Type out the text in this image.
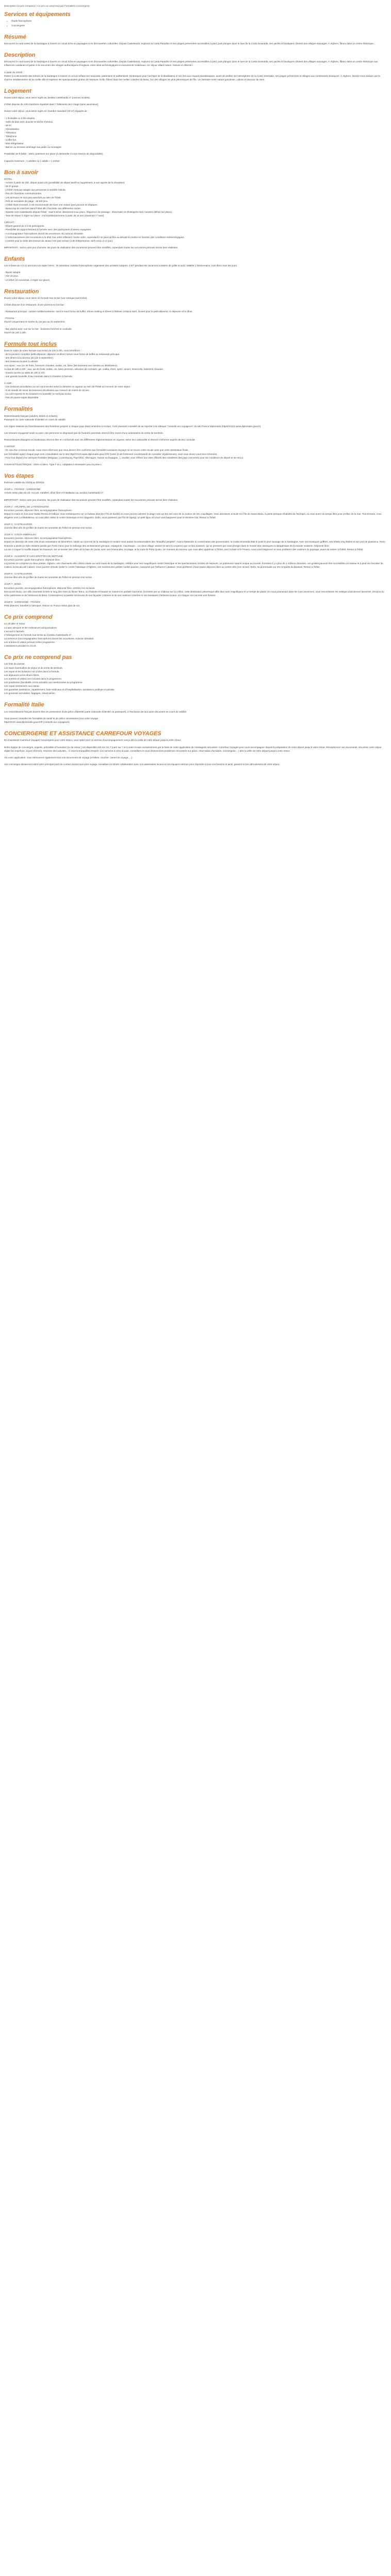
Description Ce prix comprend / Ce prix ne comprend pas Formalités Conciergerie
Services et équipements
• Guide francophone
• Conciergerie
Résumé

Découvrez le nord-ouest de la Sardaigne à travers un circuit riche en paysages et en découvertes culturelles. Depuis Castelsardo, explorez la Costa Paradiso et ses plages préservées accessibles à pied, puis plongez dans le luxe de la Costa Smeralda, ses yachts et boutiques côtoient des villages sauvages. À Alghero, flânez dans un centre historique...

Description

Découvrez le nord-ouest de la Sardaigne à travers un circuit riche en paysages et en découvertes culturelles. Depuis Castelsardo, explorez la Costa Paradiso et ses plages préservées accessibles à pied, puis plongez dans le luxe de la Costa Smeralda, ses yachts et boutiques côtoient des villages sauvages. À Alghero, flânez dans un centre historique aux influences catalanes et partez à la rencontre des villages authentiques d'Anglona, entre sites archéologiques et monuments médiévaux. Un séjour alliant nature, histoire et détente !

À partir du 1/5/26 :

Partez à la découverte des trésors de la Sardaigne à travers ce circuit mêlant mer turquoise, patrimoine et authenticité. Embarquez pour l'archipel de la Maddalena et ses îles aux criques paradisiaques, avant de profiter de l'atmosphère de la Costa Smeralda, ses plages préservées et villages aux nombreuses boutiques. À Alghero, laissez-vous séduire par le charme méditerranéen de sa vieille ville et explorez les spectaculaires grottes de Neptune. Enfin, flânez dans les ruelles colorées de Bosa, l'un des villages les plus pittoresques de l'île. Un itinéraire entre nature grandiose, culture et douceur de vivre.

Logement

Durant votre séjour, vous serez logés au Juniska Castelsardo 4* (normes locales).

L'hôtel dispose de 135 chambres réparties dans 7 bâtiments de 1 étage (sans ascenseur).

Durant votre séjour, vous serez logés en chambre standard (30 m²) équipée de :

- 1 lit double ou 2 lits simples.

- Salle de bain avec douche et sèche-cheveux.

- Wi-Fi

- Climatisation

- Télévision

- Téléphone

- Coffre-fort

- Mini-réfrigérateur

- Balcon ou terrasse aménagé vue jardin ou montagne

Possibilité de lit bébé : 10€/J, paiement sur place (à demander à vous réserve de disponibilité).

Capacité maximum : 2 adultes ou 1 adulte + 1 enfant

Bon à savoir

HOTEL :

- Arrivée à partir de 15h, départ avant 11h (possibilité de départ tardif en supplément, à voir auprès de la réception).

- Wi-Fi gratuit

- L'hôtel n'est pas adapté aux personnes à mobilité réduite.

- Pas de chambres communicantes.

- Les animaux ne sont pas autorisés au sein de l'hôtel.

- Prêt de serviettes de plage : 25 €/8 (env.

- L'hôtel étant excentré, il est recommandé de louer une voiture pour pouvoir se déplacer.

- Beaucoup de marches dans l'hôtel afin d'accéder aux différentes zones.

- Navette vers Castelsardo depuis l'hôtel : Sauf 5 €/vol. directement sur place, fréquence de passage : 2fois/matin et 2fois/après-midi, horaires définis sur place).

- Taxe de séjour à régler sur place : 2 €/J/adulte/personne à partir de 14 ans (maximum 7 nuits).

CIRCUIT :

- Départ garanti de 2 à 50 participants.

- Possibilité de rapprochement à l'arrivée avec des participants d'autres voyagistes.

- Accompagnateur francophone durant les excursions. En autocar climatisé.

- L'ordonnancement des excursions a le droit (sur votre réflexion) l'autre ordre, cependant il ne peut qu'être au dénoté la routine en fonction des conditions météorologiques.

- L'entrée pour la visite des Domus de Janas n'est pas incluse (2,50 €/8/personne, tarif connu à ce jour).

IMPORTANT : Selon votre jour d'arrivée, les jours de réalisation des excursions peuvent être modifiés, cependant toutes les excursions prévues seront bien réalisées.

Enfants

Les enfants de 4 à 12 ans sont vos super héros ; ils animateur Juniska Francophone organisent des activités ludiques, à 6/7 pendant les vacances scolaires de juillet et août. Valable 1 fois/semaine, mini-disco tous les jours.

- Bavoir adapté.

- Aire de jeux.

- Lit bébé (10 euros/nuit, à régler sur place).

Restauration

Durant votre séjour, vous serez en formule tout inclus (voir rubrique tout inclus).

L'hôtel dispose d'un restaurant, d'une pizzeria et d'un bar :

- Restaurant principal : cuisine méditerranéenne, servi le sous forme de buffet. Show-cooking et dîners à thèmes certains soirs. Ouvert pour le petit-déjeuner, le déjeuner et le dîner.

- Pizzeria :

Ouvert uniquement en soirée du 1er juin au 15 septembre.

- Bar piscine avec vue sur la mer : boissons fraîches et cocktails.

Ouvert de 10h à 23h.

Formule tout inclus

Dans le cadre de votre formule tout inclus de 10h à 23h, vous bénéficiez :

- de la pension complète (petit-déjeuner, déjeuner et dîner) servie sous forme de buffet au restaurant principal.

- des dîners à la pizzeria (de juin à septembre).

- des boissons locales à volonté.

Aux repas : eau (un de fruits, boissons chaudes, sodas, vin, bière (les boissons sont servies au distributeur).

Au bar de 10h à 23h : eau, jus de fruits, sodas, vin, bière pression, sélection de cocktails, gin, vodka, rhum, spritz, amaro, limoncello, boissons chaudes.

- snacks sucrés ou salés de 16h à 17h.

- une grande bouteille d'eau minérale dans la chambre à l'arrivée.

À noter :

- Les boissons alcoolisées ou non sont servies selon la dernière en vigueur au sein de l'hôtel au moment de votre séjour.

- Il est interdit de servir les boissons alcoolisées aux mineurs de moins de 18 ans.

- La coût express et les boissons en bouteille ne sont pas inclus.

- Pas de panier-repas disponible.

Formalités

Ressortissants français (adultes, bébés et enfants) :

Passeport ou carte nationale d'identité en cours de validité.

Les règles relatives au franchissement des frontières propres à chaque pays étant amenées à évoluer, il est vivement conseillé de se reporter à la rubrique "conseils aux voyageurs" du site France Diplomatie,(https//XXXX.www.diplomatie.gouv.fr)

Les mineurs voyageant seuls ou avec une personne ne disposant pas de l'autorité parentale devront être munis d'une autorisation de sortie de territoire.

Ressortissants étrangers et binationaux devront être en conformité avec les différentes réglementations en vigueur, selon leur nationalité et devront s'informer auprès de leur consulat.

À NOTER

- En cas d'un vol sous escale, nous vous informons que vous devrez être conforme aux formalités sanitaires du pays où se trouve votre escale ainsi que votre destination finale.

Les formalités ayant chaque pays sont consultables sur le site http//XXXX.www.diplomatie.gouv.fr/fr/ Carte/ (Il est fortement recommandé de consulter régulièrement, vous vous devez vous tenir informés).

- Pour tout départ d'un aéroport frontalier (Belgique, Luxembourg, Pays-Bas, Allemagne, Suisse ou Espagne...), veuillez vous référer aux sites officiels des ministères des pays concernés pour les conditions de départ et de retour.

COURANT ÉLECTRIQUE : 230V et 50Hz. Type F et L. Adaptateur nécessaire pour la prise L.

Vos étapes

Itinéraire valable du 1/5/26 au 30/9/26

JOUR 1 : FRANCE - SARDAIGNE

Arrivée selon plan de vol. Accueil, transfert, dîner libre et installation au Juniska Castelsardo 4*.

IMPORTANT : Selon votre jour d'arrivée, les jours de réalisation des excursions peuvent être modifiés, cependant toutes les excursions prévues seront bien réalisées.

JOUR 2 : ARCHIPEL DE LA MADDALENA

Excursion journée, déjeuner libre, accompagnateur francophone.

Départ le matin en bus pour Santa Teresa di Gallura. Vous embarquerez sur un bateau direction l'île de Budelli où vous pourrez admirer la plage rose qui tire son nom de la couleur de ses coquillages. Vous aborderez ensuite sur l'île de Santa Maria, la perle presque inhabitée de l'archipel, où vous aurez du temps libre pour profiter de la mer. Tout Ensuite, vous dirigerez vers La Maddalena, où vous allez visiter le centre historique et les magasins. Enfin, vous passerez par l'île de Spargi, un petit bijou où vous vous baignerez pour le dernière fois. Retour à l'hôtel.

JOUR 3 : CASTELSARDO

Journée libre afin de profiter de toutes les aménités de l'hôtel en pension tout inclus.

JOUR 4 : COSTA SMERALDA

Excursion journée, déjeuner libre, accompagnateur francophone.

Départ en direction de cette côte d'une soixantaine de kilomètres, située au nord-est de la Sardaigne et rendez-vous autant incontournables des "beautiful peoples". Avant d'atteindre la consécration des promenades, la Costa Smeralda était le point le plus sauvage de la Sardaigne. Avec ses boutiques griffées, ses hôtels cinq étoiles et son port de plaisance, Porto Rotondo a plutôt un style résident tandis que Porto Cervo joue la mélange des architectures grecque, espagnole, mauresque... Ce doux village voisiné se tient la croyance que ce lieu puissent, qui se pressent par nous plonger dans le monde des classiques et datagénique de la monde moderne. Déjeuner libre.

La vue à couper le souffle depuis les hauteurs, sur ce sentier des côtes de la baie de Liscia, avec ses émeraudes, sa plage, et la route de Poltu Quatu. Un moment de douceur que vous allez apprécier à l'hôtel, avec la baie et le Pevero, vous vous baignerez et vous profiterez des couleurs du paysage, avant de rentrer à l'hôtel. Retour à l'hôtel.

JOUR 5 : ALGHERO ET LES GROTTES DE NEPTUNE

Excursion journée, guide francophone, déjeuner libre.

La journée se compose en deux parties. Alghero, une charmante ville côtière située au nord-ouest de la Sardaigne, célèbre pour ses magnifiques centre historique et les spectaculaires Grottes de Neptune, un patrimoine naturel unique au monde. Formées il y a plus de 2 millions d'années, ces grottes peuvent être accessibles en bateau et à pied via l'escalier de Cabirol, la Escala del Cabirol. Vous pourrez ensuite visiter le centre historique d'Alghero, ses nombreuses petites ruelles pavées, marquées par l'influence catalane. Vous profiterez d'une pause déjeuner libre au centre-ville (non inclus). Enfin, sa promenade sur les remparts du Bastioni. Retour à l'hôtel.

JOUR 6 : CASTELSARDO

Journée libre afin de profiter de toutes les aménités de l'hôtel en pension tout inclus.

JOUR 7 : BOSA

Excursion journée, accompagnateur francophone, déjeuner libre, entrées non incluses.

Découvrez Bosa, une ville charmant nichée le long des rives du fleuve Temo, ou l'histoire et beauté se marient en parfaite harmonie. Dominée par un château sur la colline, cette destination pittoresque offre des vues magnifiques et un temps de plaisir. En vous promenant dans les rues anciennes, vous rencontrerez les vestiges d'anciennes tanneries, témoins du riche patrimoine et de l'artisanat de Bosa. Contemplerez la palette lumineuse de ses façades colorées et de ses maisons colorées et ses boutiques d'artisans locaux, où chaque coin raconte une histoire.

JOUR 8 : SARDAIGNE - FRANCE

Petit déjeuner, transfert à l'aéroport. Retour en France selon plan de vol.

Ce prix comprend

Le vol aller et retour.

La taxe aéroport et les redevances aéroportuaires.

L'accueil à l'arrivée.

L'hébergement en formule tout inclus au Juniska Castelsardo 4*.

La présence d'accompagnateur francophone durant les excursions. Autocar climatisé.

Les entrées et visites prévues selon programme.

L'assistance pendant le circuit.

Ce prix ne comprend pas

Les frais de dossier.

Les taxes éventuelles de séjour et de sortie de territoire.

Les repas et les boissons non inclus dans la formule.

Les déjeuners et les dîners libres.

Les entrées et visites non incluses dans le programme.

Les pourboires (facultatifs, et les activités non mentionnées au programme.

Les repas mentionnés aux extras.

Les garanties assistance, rapatriement, frais médicaux et d'hospitalisation, assistance juridique et pénale.

Les garanties annulation, bagages, retard aérien.

Formalité Italie

Les ressortissants français doivent être en possession d'une pièce d'identité (carte nationale d'identité ou passeport), à l'exclusion de tout autre document en cours de validité.

Vous pouvez consulter les formalités de santé et de police nécessaires pour votre voyage :

http//XXXX.www.diplomatie.gouv.fr/fr (conseils aux voyageurs)

CONCIERGERIE ET ASSISTANCE CARREFOUR VOYAGES

En choisissant Carrefour Voyages Conciergerie pour votre séjour, vous optez pour un service d'accompagnement conçu dès la veille de votre départ jusqu'à votre retour.

Notre équipe de concierges, experte, prévisible et humaine (ou de retour ) est disponible 24h sur 24, 7 jours sur 7 et à votre écoute exclusivement par le biais de notre application de messagerie sécurisée. Carrefour Voyages pour vous accompagner depuis la préparation de votre départ jusqu'à votre retour. Réceptionnez vos documents, sécurisez votre séjour, réglez les imprévus, soyez informés, réservez des activités... À vous la tranquillité d'esprit ! Les services à votre écoute, conseillent et vous résolvent les problèmes rencontrés sur place, réservation d'activités, conciergerie... ) dès la veille de votre départ jusqu'à votre retour.

Via votre application, vous retrouverez également tous vos documents de voyage (e-billets, voucher, carnet de voyage, ...).

Vos concierges deviennent alors votre principal point de contact durant tout votre voyage, travaillant en étroite collaboration avec nos partenaires locaux et nos équipes internes pour répondre à tous vos besoins et ainsi, garantir le bon déroulement de votre séjour.
